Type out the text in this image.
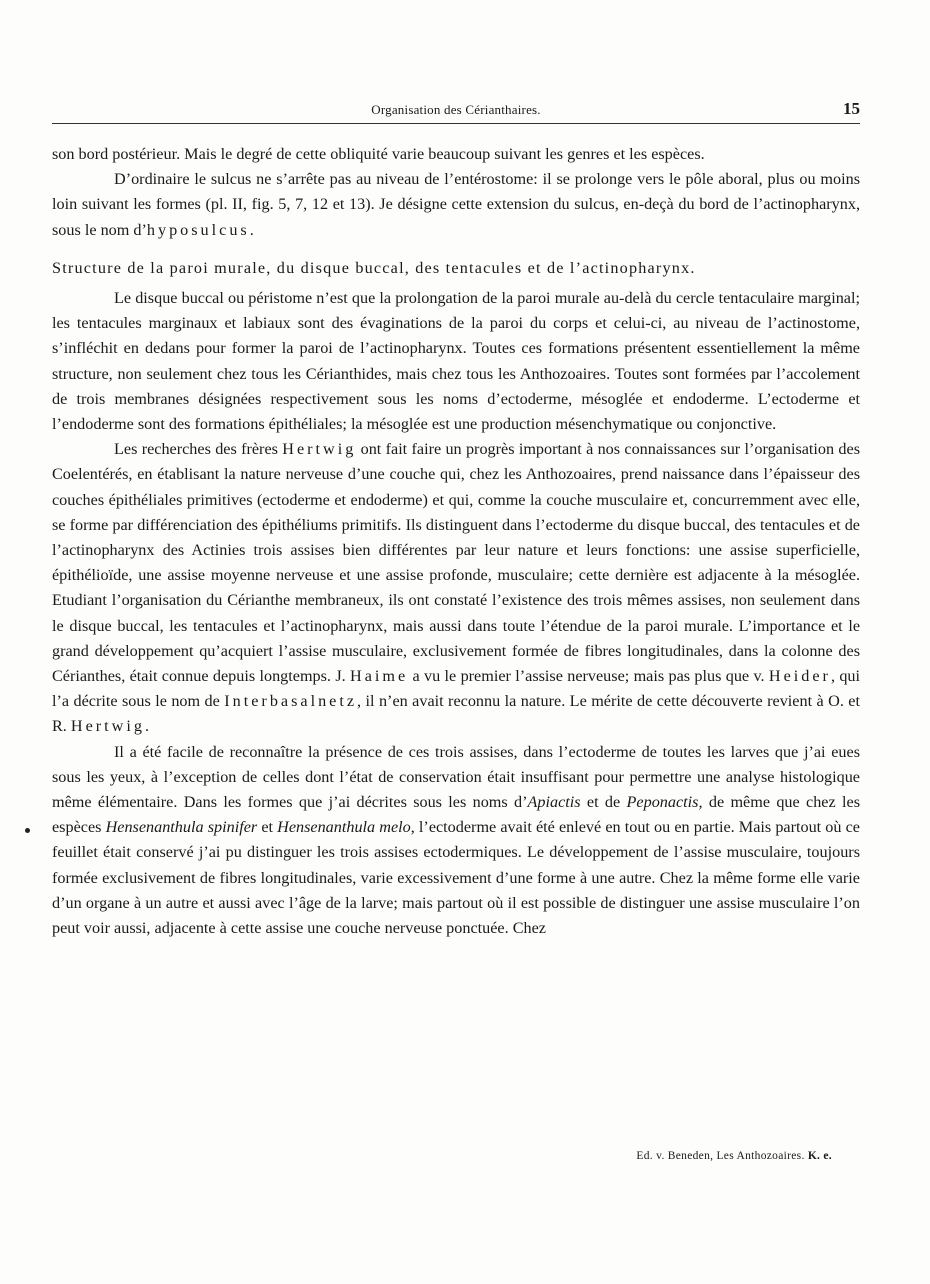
Organisation des Cérianthaires.	15

son bord postérieur. Mais le degré de cette obliquité varie beaucoup suivant les genres et les espèces.

D’ordinaire le sulcus ne s’arrête pas au niveau de l’entérostome: il se prolonge vers le pôle aboral, plus ou moins loin suivant les formes (pl. II, fig. 5, 7, 12 et 13). Je désigne cette extension du sulcus, en-deçà du bord de l’actinopharynx, sous le nom d’hyposulcus.

Structure de la paroi murale, du disque buccal, des tentacules et de l’actinopharynx.

Le disque buccal ou péristome n’est que la prolongation de la paroi murale au-delà du cercle tentaculaire marginal; les tentacules marginaux et labiaux sont des évaginations de la paroi du corps et celui-ci, au niveau de l’actinostome, s’infléchit en dedans pour former la paroi de l’actinopharynx. Toutes ces formations présentent essentiellement la même structure, non seulement chez tous les Cérianthides, mais chez tous les Anthozoaires. Toutes sont formées par l’accolement de trois membranes désignées respectivement sous les noms d’ectoderme, mésoglée et endoderme. L’ectoderme et l’endoderme sont des formations épithéliales; la mésoglée est une production mésenchymatique ou conjonctive.

Les recherches des frères Hertwig ont fait faire un progrès important à nos connaissances sur l’organisation des Coelentérés, en établisant la nature nerveuse d’une couche qui, chez les Anthozoaires, prend naissance dans l’épaisseur des couches épithéliales primitives (ectoderme et endoderme) et qui, comme la couche musculaire et, concurremment avec elle, se forme par différenciation des épithéliums primitifs. Ils distinguent dans l’ectoderme du disque buccal, des tentacules et de l’actinopharynx des Actinies trois assises bien différentes par leur nature et leurs fonctions: une assise superficielle, épithélioïde, une assise moyenne nerveuse et une assise profonde, musculaire; cette dernière est adjacente à la mésoglée. Etudiant l’organisation du Cérianthe membraneux, ils ont constaté l’existence des trois mêmes assises, non seulement dans le disque buccal, les tentacules et l’actinopharynx, mais aussi dans toute l’étendue de la paroi murale. L’importance et le grand développement qu’acquiert l’assise musculaire, exclusivement formée de fibres longitudinales, dans la colonne des Cérianthes, était connue depuis longtemps. J. Haime a vu le premier l’assise nerveuse; mais pas plus que v. Heider, qui l’a décrite sous le nom de Interbasalnetz, il n’en avait reconnu la nature. Le mérite de cette découverte revient à O. et R. Hertwig.

Il a été facile de reconnaître la présence de ces trois assises, dans l’ectoderme de toutes les larves que j’ai eues sous les yeux, à l’exception de celles dont l’état de conservation était insuffisant pour permettre une analyse histologique même élémentaire. Dans les formes que j’ai décrites sous les noms d’Apiactis et de Peponactis, de même que chez les espèces Hensenanthula spinifer et Hensenanthula melo, l’ectoderme avait été enlevé en tout ou en partie. Mais partout où ce feuillet était conservé j’ai pu distinguer les trois assises ectodermiques. Le développement de l’assise musculaire, toujours formée exclusivement de fibres longitudinales, varie excessivement d’une forme à une autre. Chez la même forme elle varie d’un organe à un autre et aussi avec l’âge de la larve; mais partout où il est possible de distinguer une assise musculaire l’on peut voir aussi, adjacente à cette assise une couche nerveuse ponctuée. Chez

Ed. v. Beneden, Les Anthozoaires. K. e.
